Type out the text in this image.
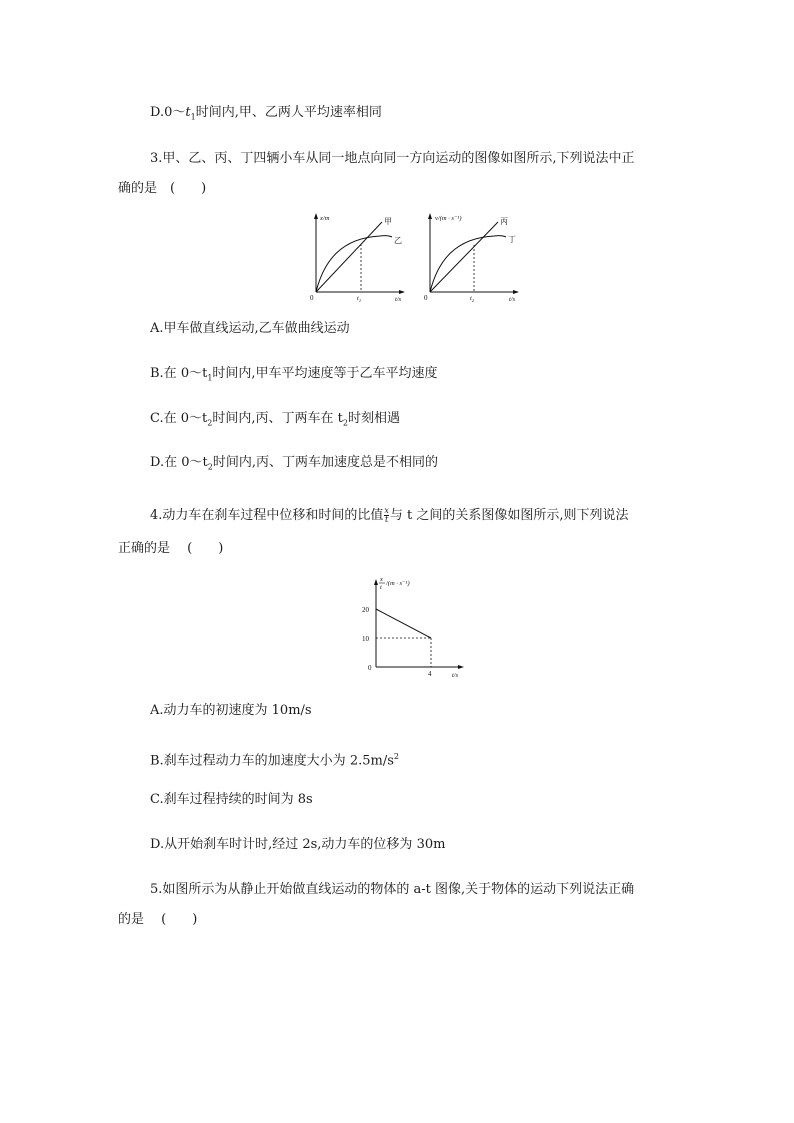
$D.0\sim t_1$时间内,甲、乙两人平均速率相同
3.甲、乙、丙、丁四辆小车从同一地点向同一方向运动的图像如图所示,下列说法中正
确的是　(　　)
x/m
t/s
0
甲
乙
$t_1$
v/(m · s⁻¹)
t/s
0
丙
丁
$t_2$
A.甲车做直线运动,乙车做曲线运动
B.在 $0\sim t_1$时间内,甲车平均速度等于乙车平均速度
C.在 $0\sim t_2$时间内,丙、丁两车在 $t_2$时刻相遇
D.在 $0\sim t_2$时间内,丙、丁两车加速度总是不相同的
4.动力车在刹车过程中位移和时间的比值 $\frac{x}{t}$ 与 t 之间的关系图像如图所示,则下列说法
正确的是　 (　　)
x
t
/(m · s⁻¹)
t/s
0
20
10
4
A.动力车的初速度为 10m/s
B.刹车过程动力车的加速度大小为 $2.5m/s^2$
C.刹车过程持续的时间为 8s
D.从开始刹车时计时,经过 2s,动力车的位移为 30m
5.如图所示为从静止开始做直线运动的物体的 a-t 图像,关于物体的运动下列说法正确
的是　 (　　)
